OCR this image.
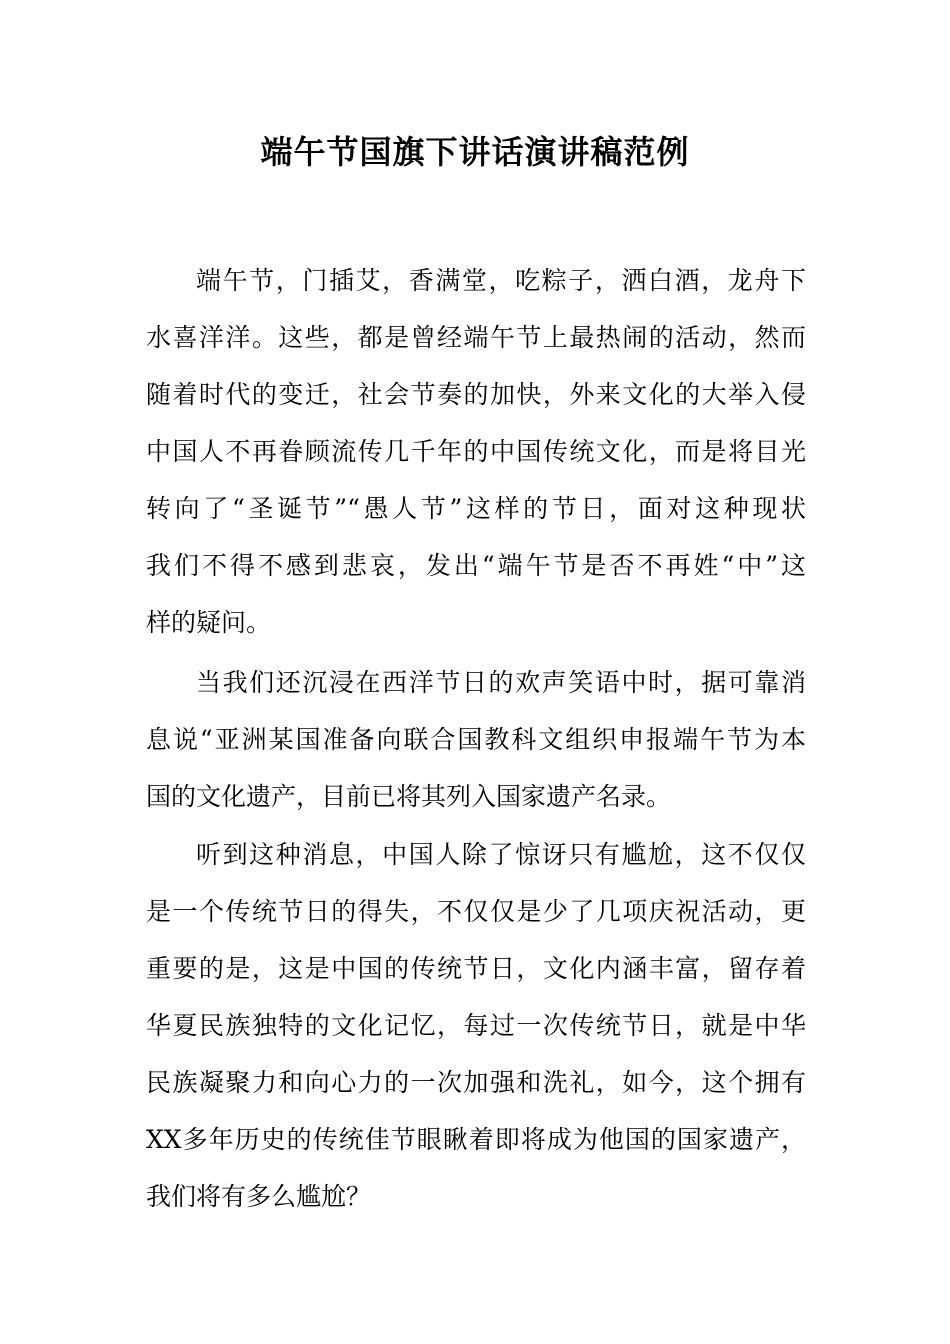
端午节国旗下讲话演讲稿范例
端午节，门插艾，香满堂，吃粽子，洒白酒，龙舟下
水喜洋洋。这些，都是曾经端午节上最热闹的活动，然而
随着时代的变迁，社会节奏的加快，外来文化的大举入侵
中国人不再眷顾流传几千年的中国传统文化，而是将目光
转向了“圣诞节”“愚人节”这样的节日，面对这种现状
我们不得不感到悲哀，发出“端午节是否不再姓“中”这
样的疑问。
当我们还沉浸在西洋节日的欢声笑语中时，据可靠消
息说“亚洲某国准备向联合国教科文组织申报端午节为本
国的文化遗产，目前已将其列入国家遗产名录。
听到这种消息，中国人除了惊讶只有尴尬，这不仅仅
是一个传统节日的得失，不仅仅是少了几项庆祝活动，更
重要的是，这是中国的传统节日，文化内涵丰富，留存着
华夏民族独特的文化记忆，每过一次传统节日，就是中华
民族凝聚力和向心力的一次加强和洗礼，如今，这个拥有
XX多年历史的传统佳节眼瞅着即将成为他国的国家遗产，
我们将有多么尴尬？
